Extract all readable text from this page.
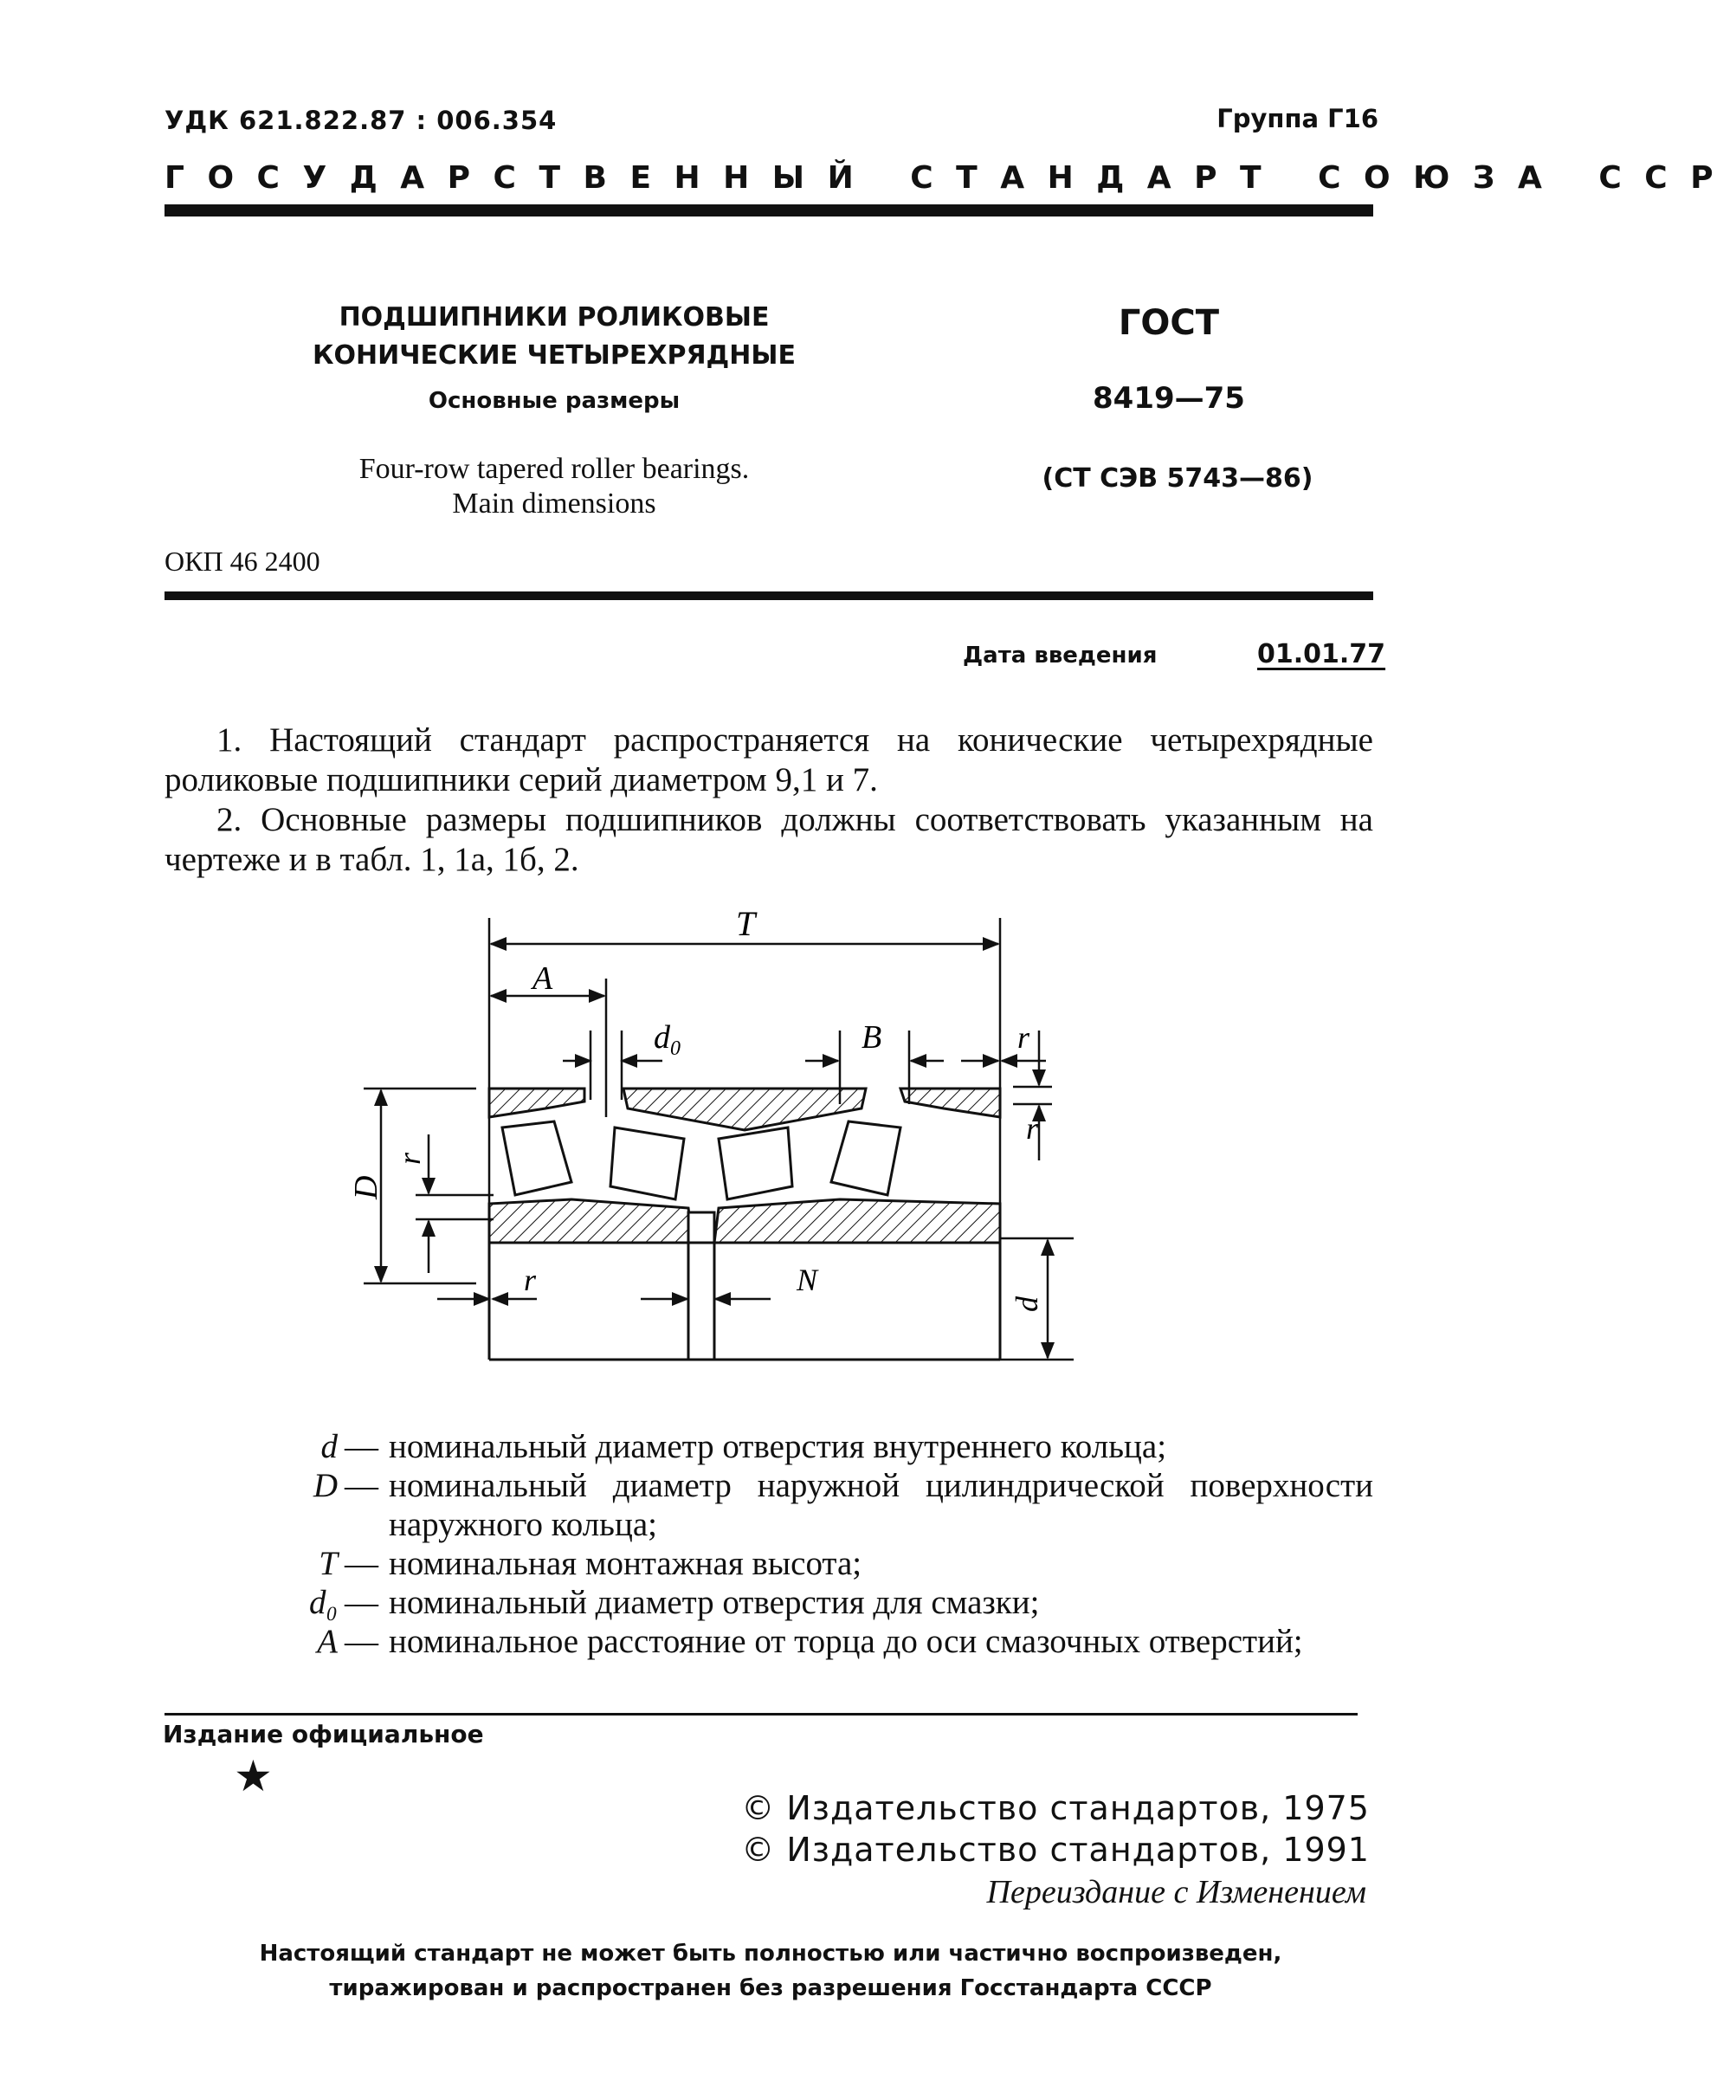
УДК 621.822.87 : 006.354	Группа Г16
ГОСУДАРСТВЕННЫЙ СТАНДАРТ СОЮЗА ССР
ПОДШИПНИКИ РОЛИКОВЫЕ
КОНИЧЕСКИЕ ЧЕТЫРЕХРЯДНЫЕ
Основные размеры
Four-row tapered roller bearings.
Main dimensions
ГОСТ
8419—75
(СТ СЭВ 5743—86)
ОКП 46 2400
Дата введения	01.01.77
1. Настоящий стандарт распространяется на конические четырехрядные роликовые подшипники серий диаметром 9,1 и 7.
2. Основные размеры подшипников должны соответствовать указанным на чертеже и в табл. 1, 1а, 1б, 2.
T
A
$d_0$	B	r
r
D
r
r	N
d
d — номинальный диаметр отверстия внутреннего кольца;
D — номинальный диаметр наружной цилиндрической поверхности наружного кольца;
T — номинальная монтажная высота;
d₀ — номинальный диаметр отверстия для смазки;
A — номинальное расстояние от торца до оси смазочных отверстий;
Издание официальное
★
© Издательство стандартов, 1975
© Издательство стандартов, 1991
Переиздание с Изменением
Настоящий стандарт не может быть полностью или частично воспроизведен,
тиражирован и распространен без разрешения Госстандарта СССР
